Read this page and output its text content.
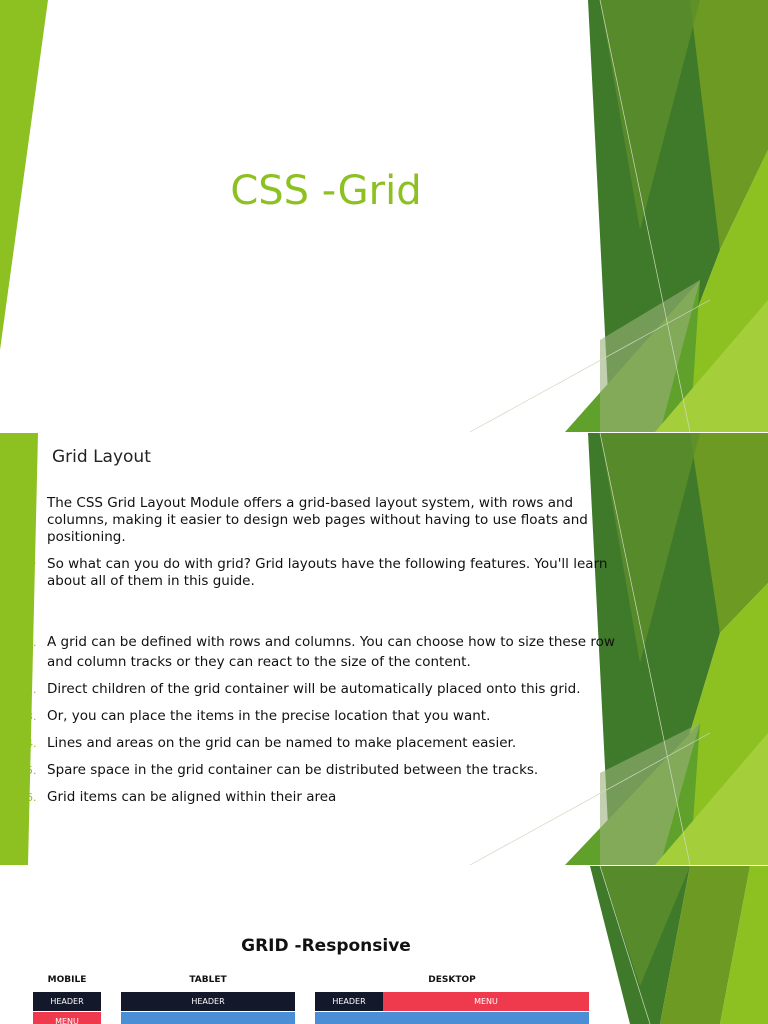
CSS -Grid
Grid Layout
The CSS Grid Layout Module offers a grid-based layout system, with rows and columns, making it easier to design web pages without having to use floats and positioning.
So what can you do with grid? Grid layouts have the following features. You'll learn about all of them in this guide.
1. A grid can be defined with rows and columns. You can choose how to size these row and column tracks or they can react to the size of the content.
2. Direct children of the grid container will be automatically placed onto this grid.
3. Or, you can place the items in the precise location that you want.
4. Lines and areas on the grid can be named to make placement easier.
5. Spare space in the grid container can be distributed between the tracks.
6. Grid items can be aligned within their area
GRID -Responsive
MOBILE
HEADER
MENU
TABLET
HEADER
DESKTOP
HEADER	MENU
